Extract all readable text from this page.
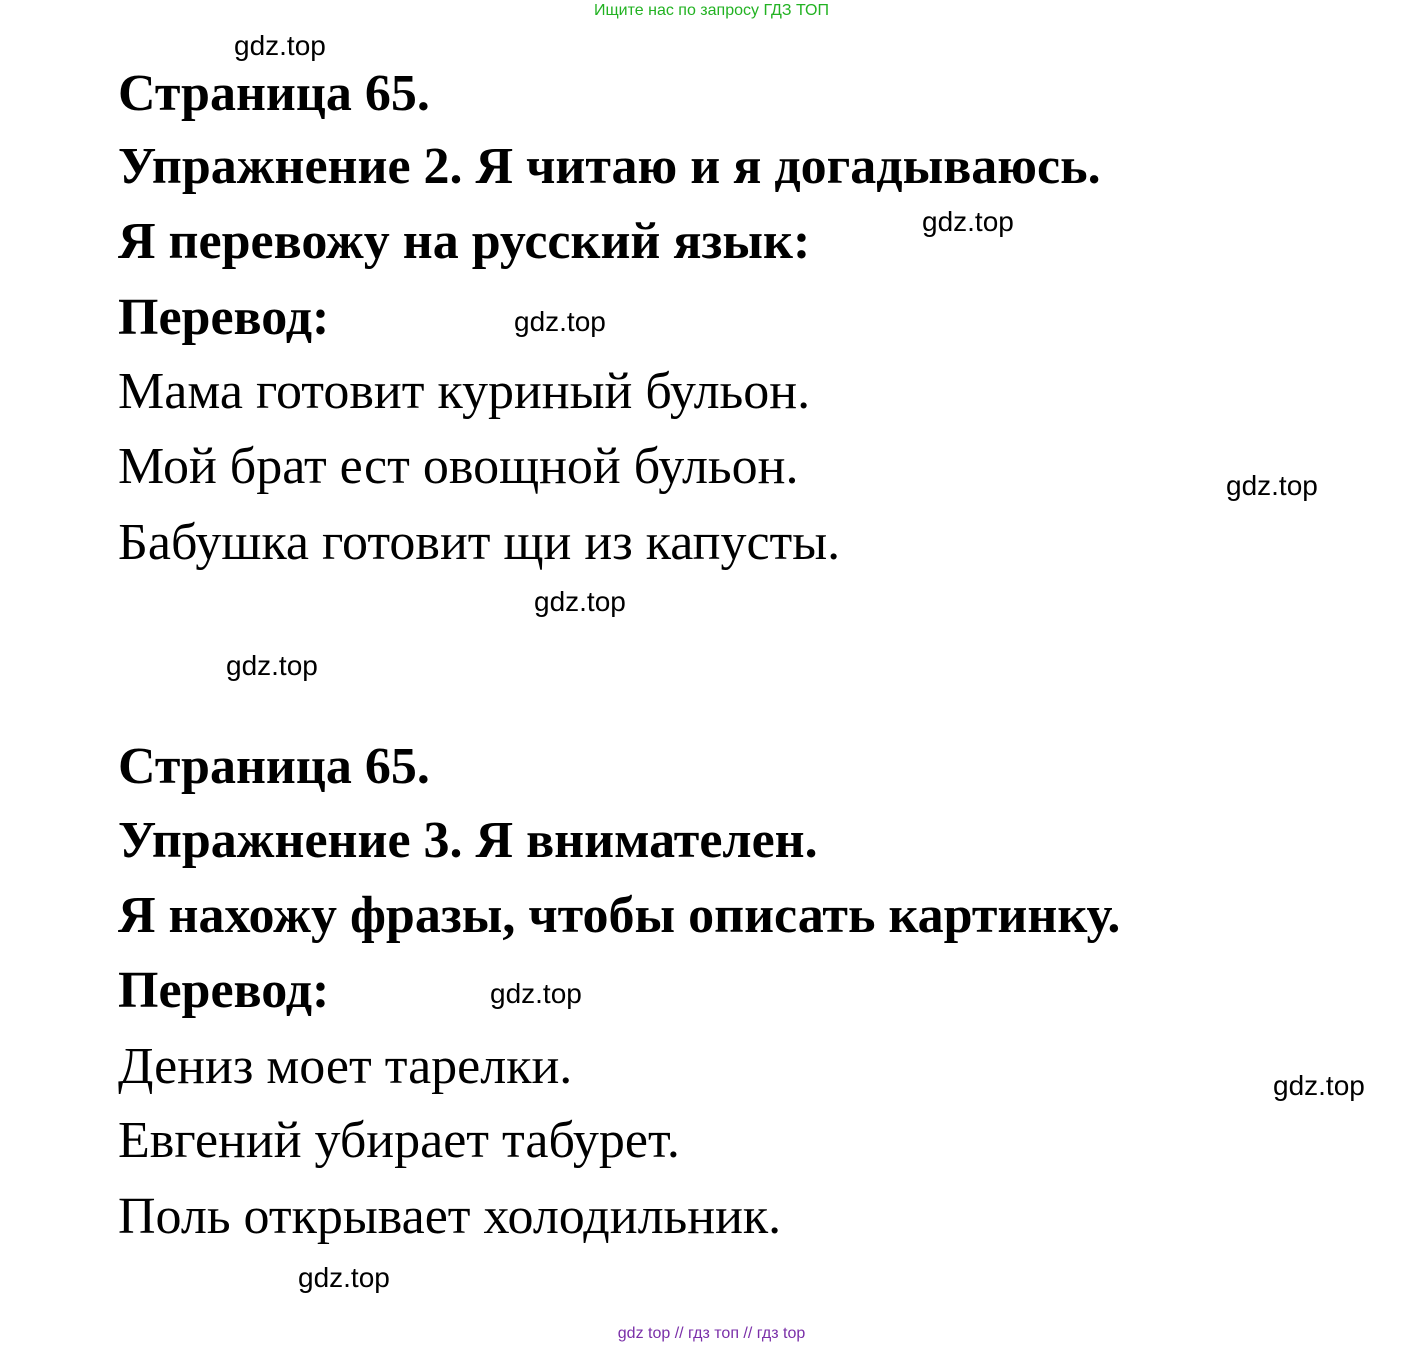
Ищите нас по запросу ГДЗ ТОП

Страница 65.

Упражнение 2. Я читаю и я догадываюсь.

Я перевожу на русский язык:

Перевод:

Мама готовит куриный бульон.

Мой брат ест овощной бульон.

Бабушка готовит щи из капусты.

Страница 65.

Упражнение 3. Я внимателен.

Я нахожу фразы, чтобы описать картинку.

Перевод:

Дениз моет тарелки.

Евгений убирает табурет.

Поль открывает холодильник.

gdz.top
gdz.top
gdz.top
gdz.top
gdz.top
gdz.top
gdz.top
gdz.top
gdz.top
gdz top // гдз топ // гдз top
